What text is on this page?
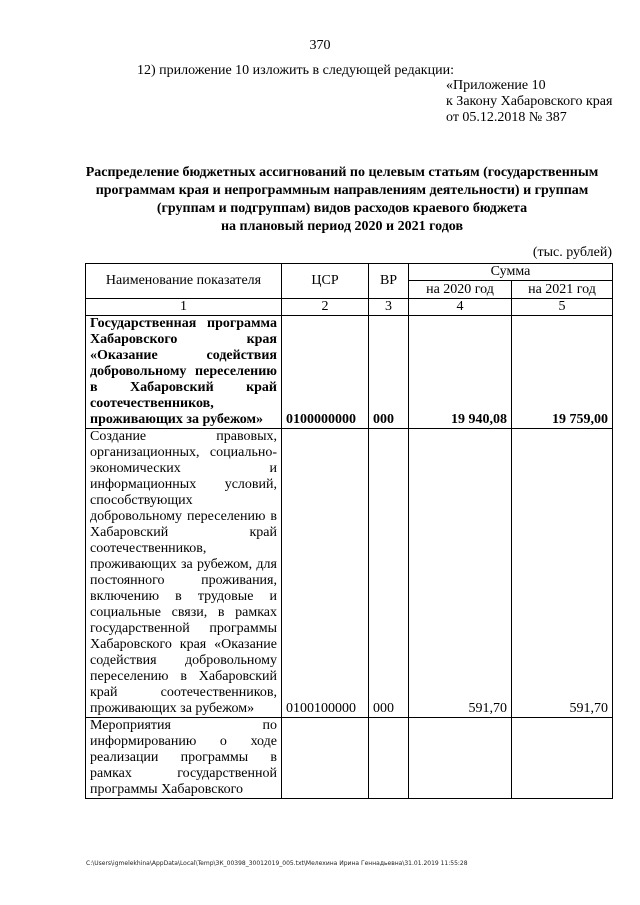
370
12) приложение 10 изложить в следующей редакции:
«Приложение 10
к Закону Хабаровского края
от 05.12.2018 № 387
Распределение бюджетных ассигнований по целевым статьям (государственным
программам края и непрограммным направлениям деятельности) и группам
(группам и подгруппам) видов расходов краевого бюджета
на плановый период 2020 и 2021 годов
(тыс. рублей)
Наименование показателя	ЦСР	ВР	Сумма	
			на 2020 год	на 2021 год
1	2	3	4	5
Государственная программа Хабаровского края «Оказание содействия добровольному переселению в Хабаровский край соотечественников, проживающих за рубежом»	0100000000	000	19 940,08	19 759,00
Создание правовых, организационных, социально-экономических и информационных условий, способствующих добровольному переселению в Хабаровский край соотечественников, проживающих за рубежом, для постоянного проживания, включению в трудовые и социальные связи, в рамках государственной программы Хабаровского края «Оказание содействия добровольному переселению в Хабаровский край соотечественников, проживающих за рубежом»	0100100000	000	591,70	591,70
Мероприятия по информированию о ходе реализации программы в рамках государственной программы Хабаровского				
C:\Users\igmelekhina\AppData\Local\Temp\ЗК_00398_30012019_005.txt\Мелехина Ирина Геннадьевна\31.01.2019 11:55:28
